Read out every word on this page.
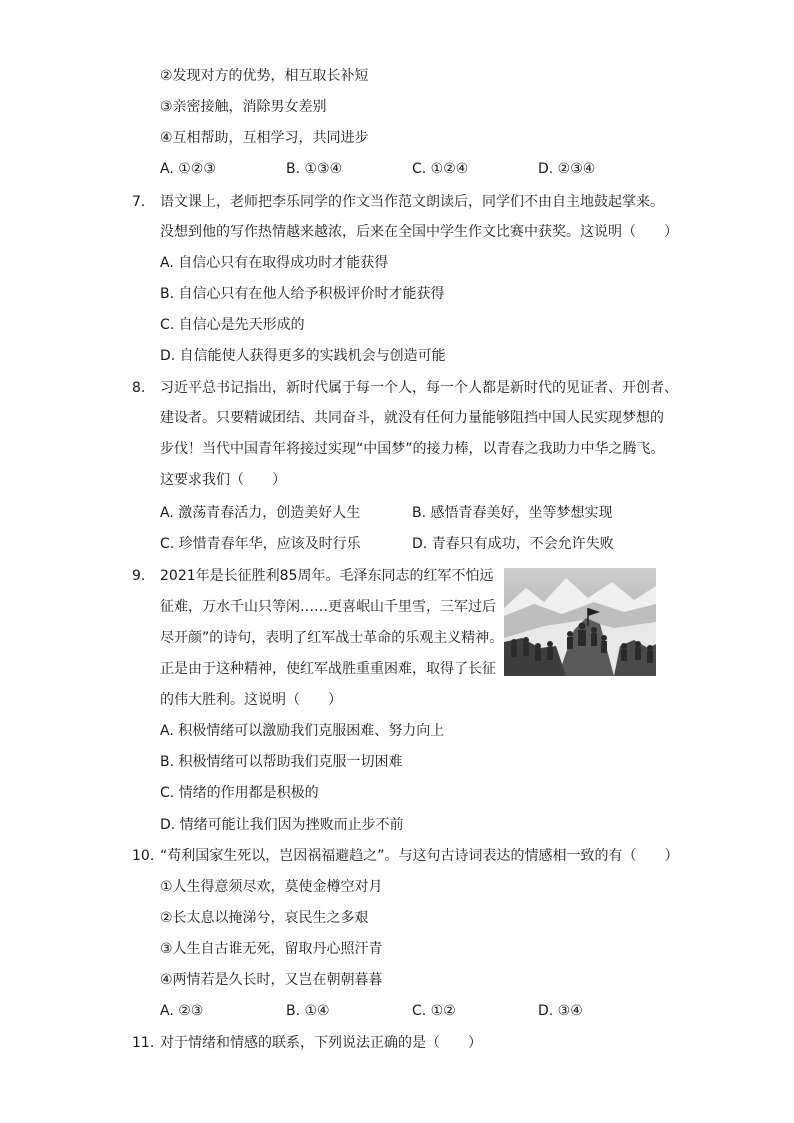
②发现对方的优势，相互取长补短
③亲密接触，消除男女差别
④互相帮助，互相学习，共同进步
A. ①②③	B. ①③④	C. ①②④	D. ②③④
7. 语文课上，老师把李乐同学的作文当作范文朗读后，同学们不由自主地鼓起掌来。
没想到他的写作热情越来越浓，后来在全国中学生作文比赛中获奖。这说明（　　）
A. 自信心只有在取得成功时才能获得
B. 自信心只有在他人给予积极评价时才能获得
C. 自信心是先天形成的
D. 自信能使人获得更多的实践机会与创造可能
8. 习近平总书记指出，新时代属于每一个人，每一个人都是新时代的见证者、开创者、
建设者。只要精诚团结、共同奋斗，就没有任何力量能够阻挡中国人民实现梦想的
步伐！当代中国青年将接过实现“中国梦”的接力棒，以青春之我助力中华之腾飞。
这要求我们（　　）
A. 激荡青春活力，创造美好人生	B. 感悟青春美好，坐等梦想实现
C. 珍惜青春年华，应该及时行乐	D. 青春只有成功，不会允许失败
9. 2021年是长征胜利85周年。毛泽东同志的红军不怕远
征难，万水千山只等闲……更喜岷山千里雪，三军过后
尽开颜”的诗句，表明了红军战士革命的乐观主义精神。
正是由于这种精神，使红军战胜重重困难，取得了长征
的伟大胜利。这说明（　　）
A. 积极情绪可以激励我们克服困难、努力向上
B. 积极情绪可以帮助我们克服一切困难
C. 情绪的作用都是积极的
D. 情绪可能让我们因为挫败而止步不前
10. “苟利国家生死以，岂因祸福避趋之”。与这句古诗词表达的情感相一致的有（　　）
①人生得意须尽欢，莫使金樽空对月
②长太息以掩涕兮，哀民生之多艰
③人生自古谁无死，留取丹心照汗青
④两情若是久长时，又岂在朝朝暮暮
A. ②③	B. ①④	C. ①②	D. ③④
11. 对于情绪和情感的联系，下列说法正确的是（　　）
